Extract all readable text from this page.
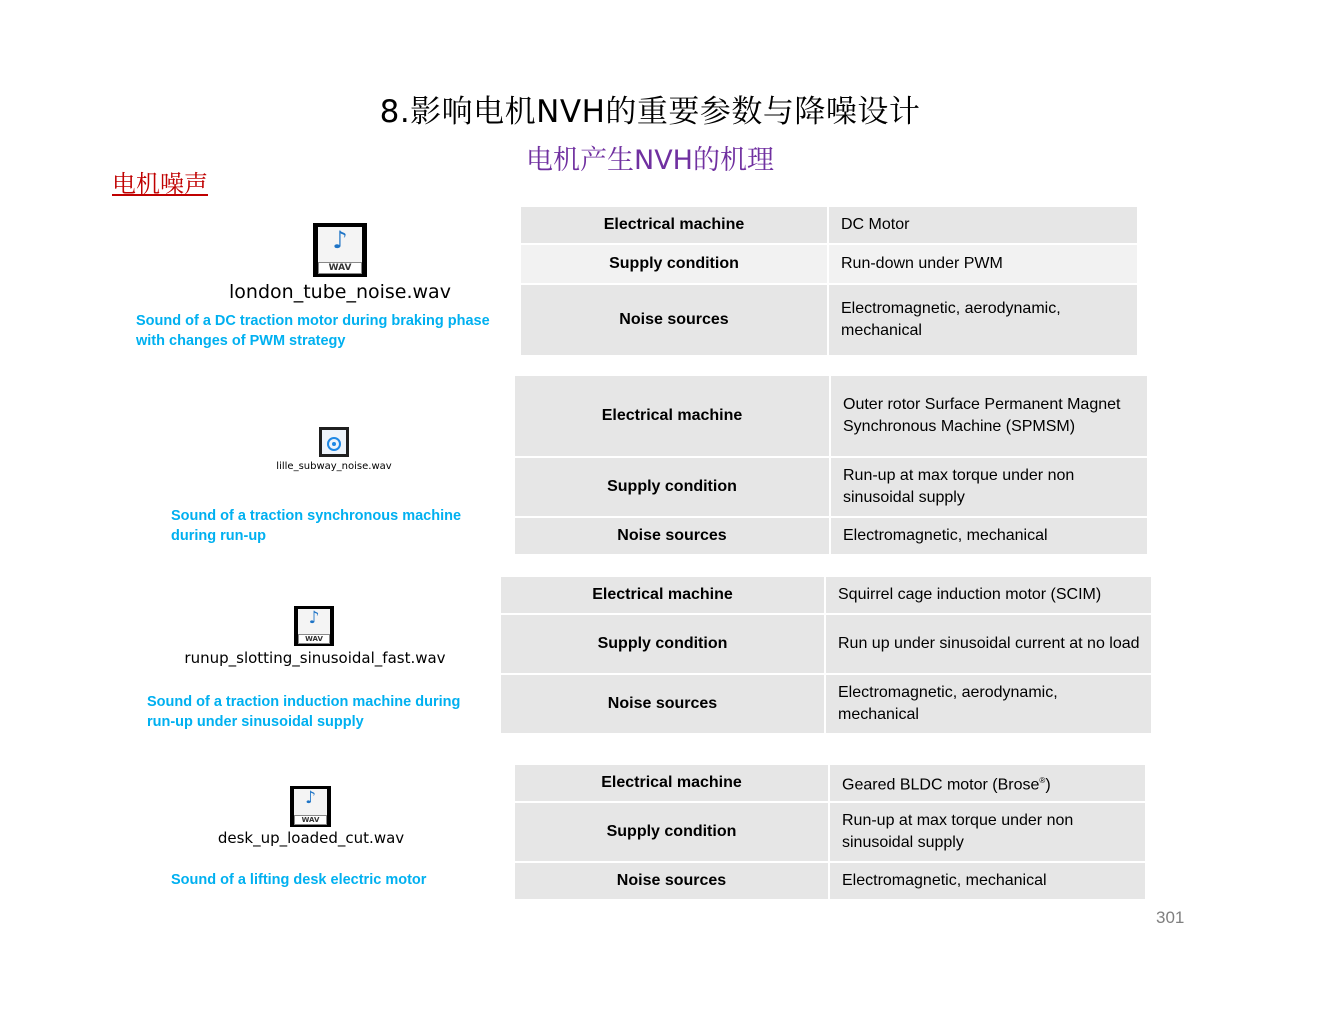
8.影响电机NVH的重要参数与降噪设计
电机产生NVH的机理
电机噪声
♪
WAV
london_tube_noise.wav
Sound of a DC traction motor during braking phase
with changes of PWM strategy
Electrical machine	DC Motor
Supply condition	Run-down under PWM
Noise sources	Electromagnetic, aerodynamic, mechanical
lille_subway_noise.wav
Sound of a traction synchronous machine
during run-up
Electrical machine	Outer rotor Surface Permanent Magnet Synchronous Machine (SPMSM)
Supply condition	Run-up at max torque under non sinusoidal supply
Noise sources	Electromagnetic, mechanical
♪
WAV
runup_slotting_sinusoidal_fast.wav
Sound of a traction induction machine during
run-up under sinusoidal supply
Electrical machine	Squirrel cage induction motor (SCIM)
Supply condition	Run up under sinusoidal current at no load
Noise sources	Electromagnetic, aerodynamic, mechanical
♪
WAV
desk_up_loaded_cut.wav
Sound of a lifting desk electric motor
Electrical machine	Geared BLDC motor (Brose®)
Supply condition	Run-up at max torque under non sinusoidal supply
Noise sources	Electromagnetic, mechanical
301
